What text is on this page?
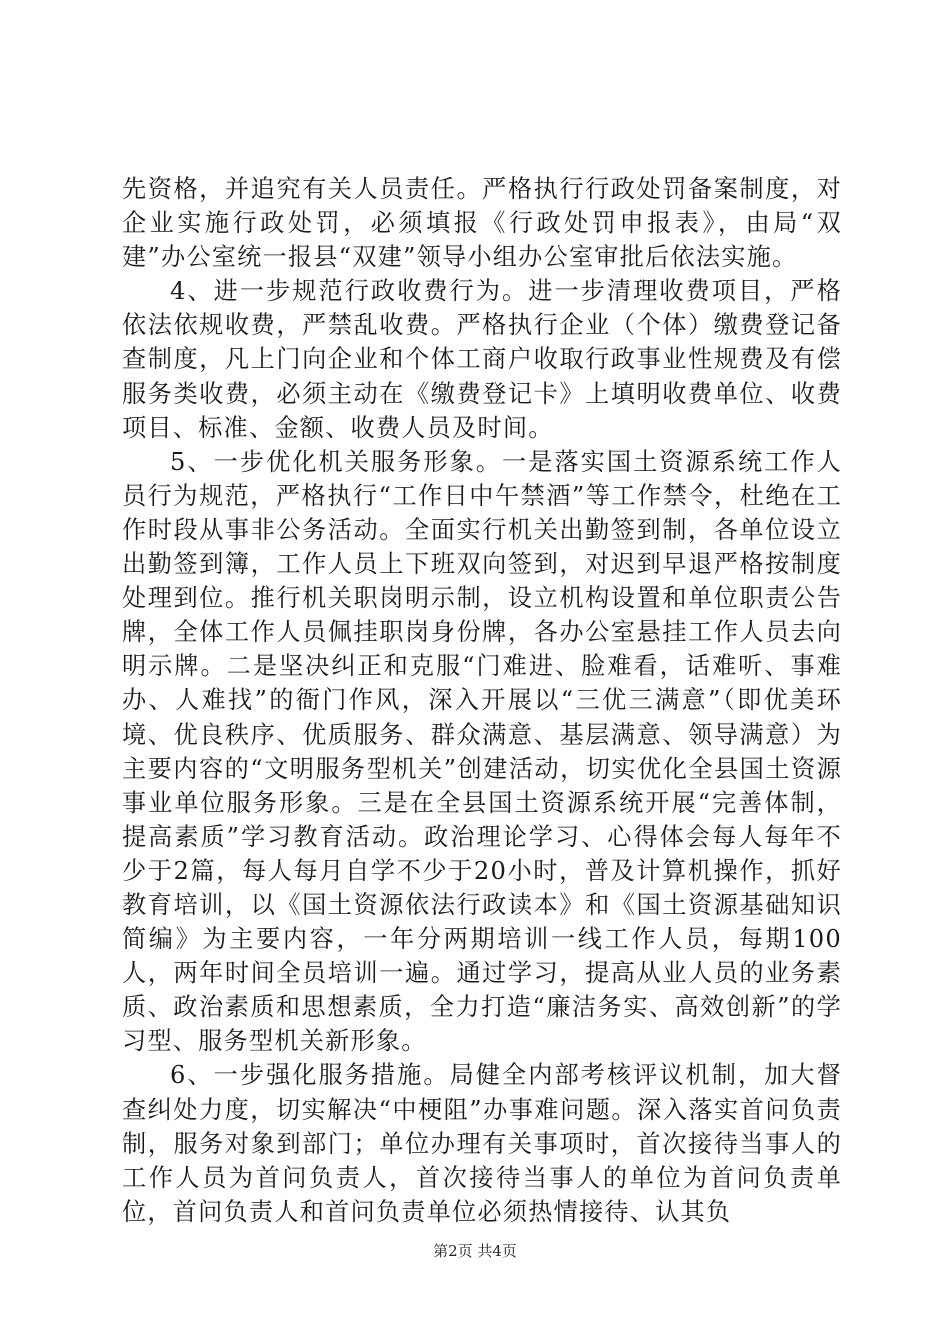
先资格，并追究有关人员责任。严格执行行政处罚备案制度，对企业实施行政处罚，必须填报《行政处罚申报表》，由局“双建”办公室统一报县“双建”领导小组办公室审批后依法实施。

4、进一步规范行政收费行为。进一步清理收费项目，严格依法依规收费，严禁乱收费。严格执行企业（个体）缴费登记备查制度，凡上门向企业和个体工商户收取行政事业性规费及有偿服务类收费，必须主动在《缴费登记卡》上填明收费单位、收费项目、标准、金额、收费人员及时间。

5、一步优化机关服务形象。一是落实国土资源系统工作人员行为规范，严格执行“工作日中午禁酒”等工作禁令，杜绝在工作时段从事非公务活动。全面实行机关出勤签到制，各单位设立出勤签到簿，工作人员上下班双向签到，对迟到早退严格按制度处理到位。推行机关职岗明示制，设立机构设置和单位职责公告牌，全体工作人员佩挂职岗身份牌，各办公室悬挂工作人员去向明示牌。二是坚决纠正和克服“门难进、脸难看，话难听、事难办、人难找”的衙门作风，深入开展以“三优三满意”（即优美环境、优良秩序、优质服务、群众满意、基层满意、领导满意）为主要内容的“文明服务型机关”创建活动，切实优化全县国土资源事业单位服务形象。三是在全县国土资源系统开展“完善体制，提高素质”学习教育活动。政治理论学习、心得体会每人每年不少于2篇，每人每月自学不少于20小时，普及计算机操作，抓好教育培训，以《国土资源依法行政读本》和《国土资源基础知识简编》为主要内容，一年分两期培训一线工作人员，每期100人，两年时间全员培训一遍。通过学习，提高从业人员的业务素质、政治素质和思想素质，全力打造“廉洁务实、高效创新”的学习型、服务型机关新形象。

6、一步强化服务措施。局健全内部考核评议机制，加大督查纠处力度，切实解决“中梗阻”办事难问题。深入落实首问负责制，服务对象到部门；单位办理有关事项时，首次接待当事人的工作人员为首问负责人，首次接待当事人的单位为首问负责单位，首问负责人和首问负责单位必须热情接待、认其负

第2页 共4页
